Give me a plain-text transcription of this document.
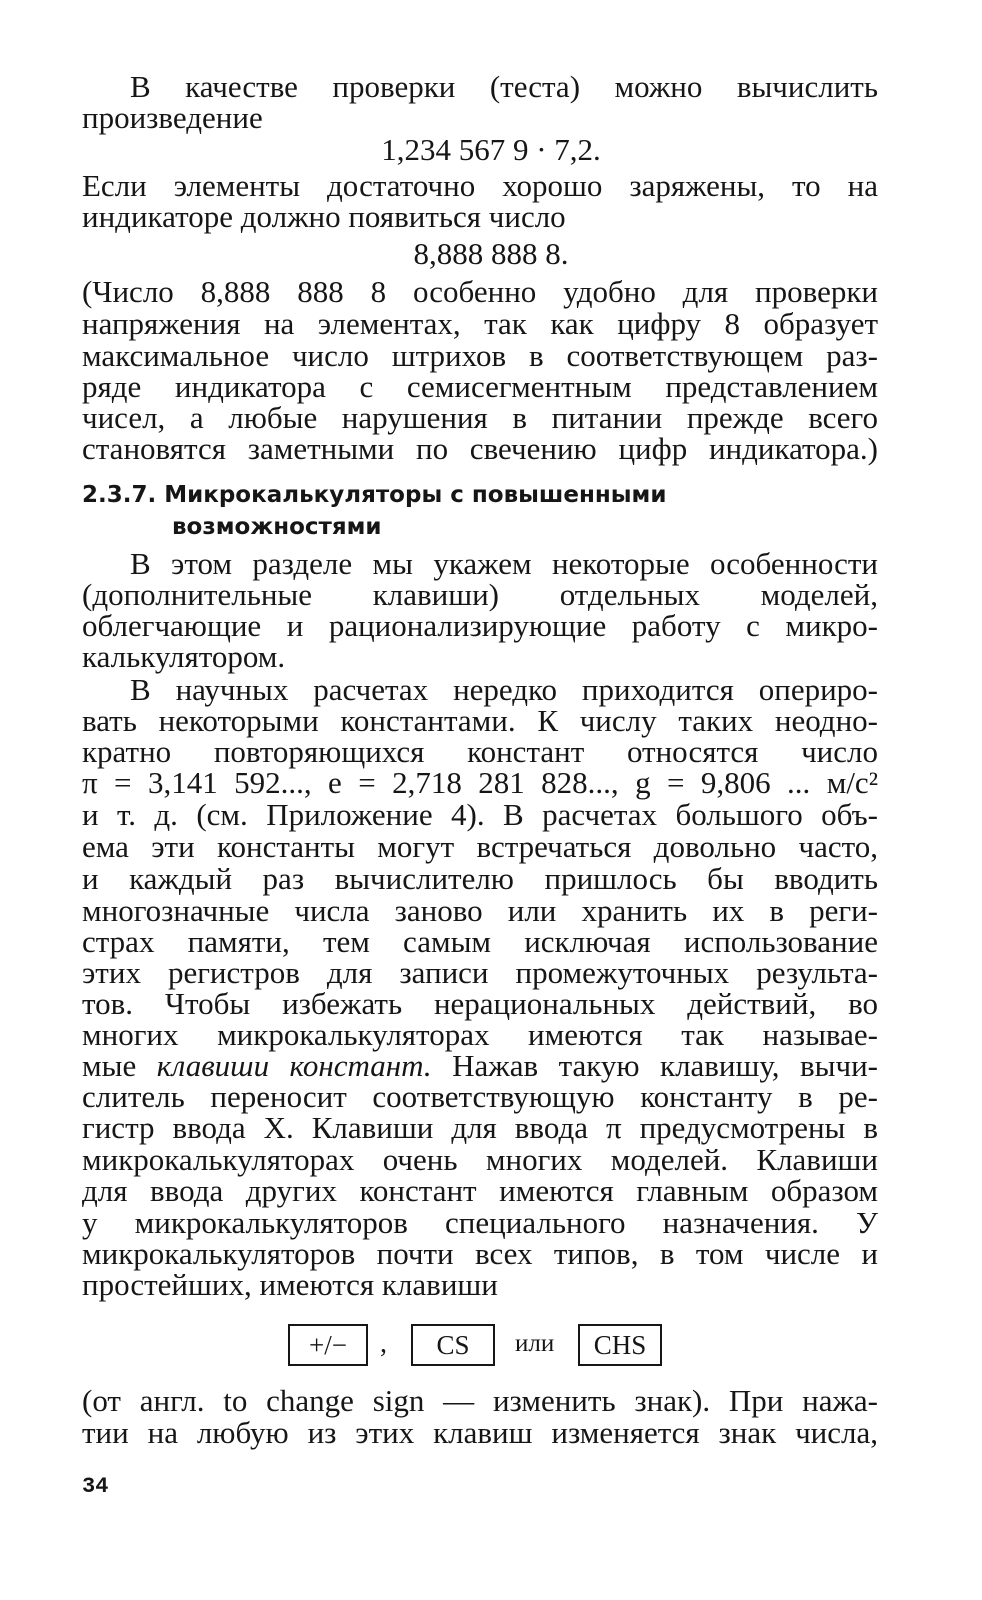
В качестве проверки (теста) можно вычислить
произведение
1,234 567 9 · 7,2.
Если элементы достаточно хорошо заряжены, то на
индикаторе должно появиться число
8,888 888 8.
(Число 8,888 888 8 особенно удобно для проверки
напряжения на элементах, так как цифру 8 образует
максимальное число штрихов в соответствующем раз-
ряде индикатора с семисегментным представлением
чисел, а любые нарушения в питании прежде всего
становятся заметными по свечению цифр индикатора.)
2.3.7. Микрокалькуляторы с повышенными
возможностями
В этом разделе мы укажем некоторые особенности
(дополнительные клавиши) отдельных моделей,
облегчающие и рационализирующие работу с микро-
калькулятором.
В научных расчетах нередко приходится опериро-
вать некоторыми константами. К числу таких неодно-
кратно повторяющихся констант относятся число
π = 3,141 592..., e = 2,718 281 828..., g = 9,806 ... м/с²
и т. д. (см. Приложение 4). В расчетах большого объ-
ема эти константы могут встречаться довольно часто,
и каждый раз вычислителю пришлось бы вводить
многозначные числа заново или хранить их в реги-
страх памяти, тем самым исключая использование
этих регистров для записи промежуточных результа-
тов. Чтобы избежать нерациональных действий, во
многих микрокалькуляторах имеются так называе-
мые клавиши констант. Нажав такую клавишу, вычи-
слитель переносит соответствующую константу в ре-
гистр ввода X. Клавиши для ввода π предусмотрены в
микрокалькуляторах очень многих моделей. Клавиши
для ввода других констант имеются главным образом
у микрокалькуляторов специального назначения. У
микрокалькуляторов почти всех типов, в том числе и
простейших, имеются клавиши
+/−	,	CS	или	CHS
(от англ. to change sign — изменить знак). При нажа-
тии на любую из этих клавиш изменяется знак числа,
34
